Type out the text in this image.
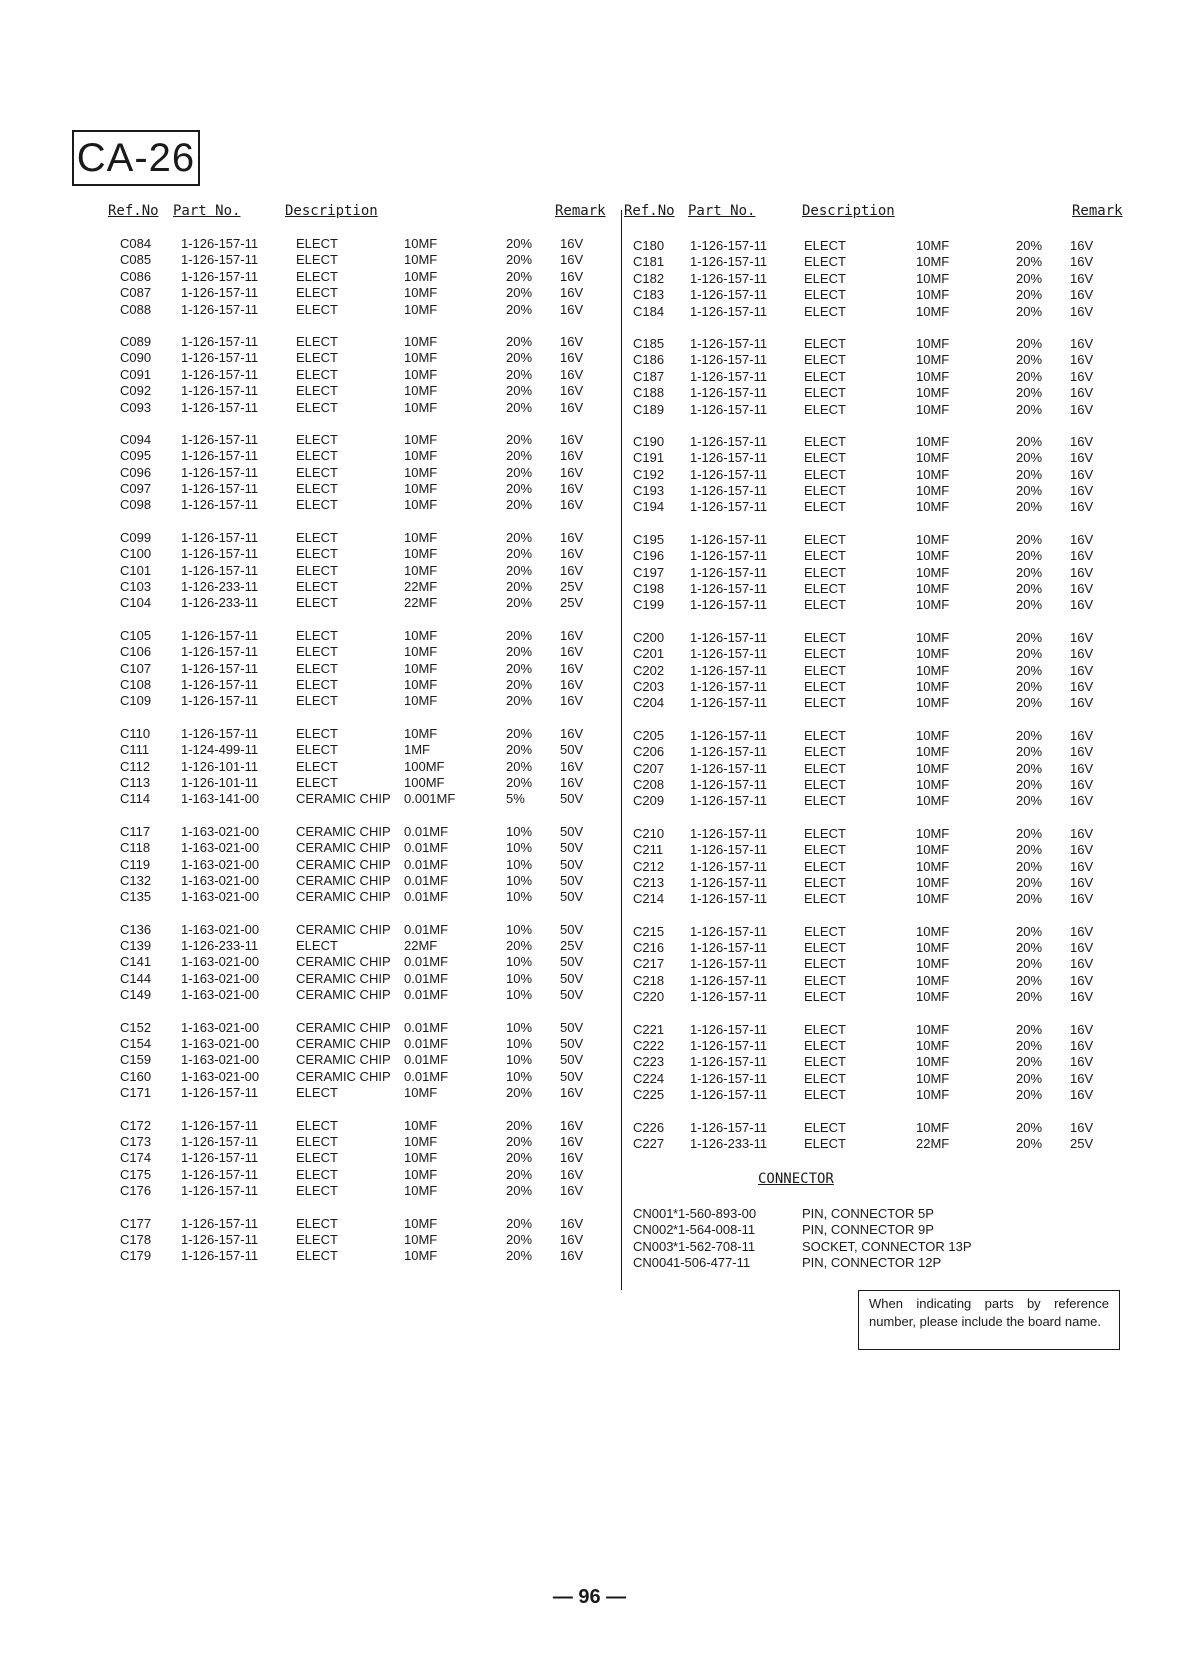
CA-26
Ref.No Part No.	Description	Remark Ref.No Part No.	Description	Remark
C084 1-126-157-11	ELECT	10MF	20% 16V
C085 1-126-157-11	ELECT	10MF	20% 16V
C086 1-126-157-11	ELECT	10MF	20% 16V
C087 1-126-157-11	ELECT	10MF	20% 16V
C088 1-126-157-11	ELECT	10MF	20% 16V
C089 1-126-157-11	ELECT	10MF	20% 16V
C090 1-126-157-11	ELECT	10MF	20% 16V
C091 1-126-157-11	ELECT	10MF	20% 16V
C092 1-126-157-11	ELECT	10MF	20% 16V
C093 1-126-157-11	ELECT	10MF	20% 16V
C094 1-126-157-11	ELECT	10MF	20% 16V
C095 1-126-157-11	ELECT	10MF	20% 16V
C096 1-126-157-11	ELECT	10MF	20% 16V
C097 1-126-157-11	ELECT	10MF	20% 16V
C098 1-126-157-11	ELECT	10MF	20% 16V
C099 1-126-157-11	ELECT	10MF	20% 16V
C100 1-126-157-11	ELECT	10MF	20% 16V
C101 1-126-157-11	ELECT	10MF	20% 16V
C103 1-126-233-11	ELECT	22MF	20% 25V
C104 1-126-233-11	ELECT	22MF	20% 25V
C105 1-126-157-11	ELECT	10MF	20% 16V
C106 1-126-157-11	ELECT	10MF	20% 16V
C107 1-126-157-11	ELECT	10MF	20% 16V
C108 1-126-157-11	ELECT	10MF	20% 16V
C109 1-126-157-11	ELECT	10MF	20% 16V
C110 1-126-157-11	ELECT	10MF	20% 16V
C111 1-124-499-11	ELECT	1MF	20% 50V
C112 1-126-101-11	ELECT	100MF	20% 16V
C113 1-126-101-11	ELECT	100MF	20% 16V
C114 1-163-141-00	CERAMIC CHIP 0.001MF	5%	50V
C117 1-163-021-00	CERAMIC CHIP 0.01MF	10% 50V
C118 1-163-021-00	CERAMIC CHIP 0.01MF	10% 50V
C119 1-163-021-00	CERAMIC CHIP 0.01MF	10% 50V
C132 1-163-021-00	CERAMIC CHIP 0.01MF	10% 50V
C135 1-163-021-00	CERAMIC CHIP 0.01MF	10% 50V
C136 1-163-021-00	CERAMIC CHIP 0.01MF	10% 50V
C139 1-126-233-11	ELECT	22MF	20% 25V
C141 1-163-021-00	CERAMIC CHIP 0.01MF	10% 50V
C144 1-163-021-00	CERAMIC CHIP 0.01MF	10% 50V
C149 1-163-021-00	CERAMIC CHIP 0.01MF	10% 50V
C152 1-163-021-00	CERAMIC CHIP 0.01MF	10% 50V
C154 1-163-021-00	CERAMIC CHIP 0.01MF	10% 50V
C159 1-163-021-00	CERAMIC CHIP 0.01MF	10% 50V
C160 1-163-021-00	CERAMIC CHIP 0.01MF	10% 50V
C171 1-126-157-11	ELECT	10MF	20% 16V
C172 1-126-157-11	ELECT	10MF	20% 16V
C173 1-126-157-11	ELECT	10MF	20% 16V
C174 1-126-157-11	ELECT	10MF	20% 16V
C175 1-126-157-11	ELECT	10MF	20% 16V
C176 1-126-157-11	ELECT	10MF	20% 16V
C177 1-126-157-11	ELECT	10MF	20% 16V
C178 1-126-157-11	ELECT	10MF	20% 16V
C179 1-126-157-11	ELECT	10MF	20% 16V
C180 1-126-157-11	ELECT	10MF	20% 16V
C181 1-126-157-11	ELECT	10MF	20% 16V
C182 1-126-157-11	ELECT	10MF	20% 16V
C183 1-126-157-11	ELECT	10MF	20% 16V
C184 1-126-157-11	ELECT	10MF	20% 16V
C185 1-126-157-11	ELECT	10MF	20% 16V
C186 1-126-157-11	ELECT	10MF	20% 16V
C187 1-126-157-11	ELECT	10MF	20% 16V
C188 1-126-157-11	ELECT	10MF	20% 16V
C189 1-126-157-11	ELECT	10MF	20% 16V
C190 1-126-157-11	ELECT	10MF	20% 16V
C191 1-126-157-11	ELECT	10MF	20% 16V
C192 1-126-157-11	ELECT	10MF	20% 16V
C193 1-126-157-11	ELECT	10MF	20% 16V
C194 1-126-157-11	ELECT	10MF	20% 16V
C195 1-126-157-11	ELECT	10MF	20% 16V
C196 1-126-157-11	ELECT	10MF	20% 16V
C197 1-126-157-11	ELECT	10MF	20% 16V
C198 1-126-157-11	ELECT	10MF	20% 16V
C199 1-126-157-11	ELECT	10MF	20% 16V
C200 1-126-157-11	ELECT	10MF	20% 16V
C201 1-126-157-11	ELECT	10MF	20% 16V
C202 1-126-157-11	ELECT	10MF	20% 16V
C203 1-126-157-11	ELECT	10MF	20% 16V
C204 1-126-157-11	ELECT	10MF	20% 16V
C205 1-126-157-11	ELECT	10MF	20% 16V
C206 1-126-157-11	ELECT	10MF	20% 16V
C207 1-126-157-11	ELECT	10MF	20% 16V
C208 1-126-157-11	ELECT	10MF	20% 16V
C209 1-126-157-11	ELECT	10MF	20% 16V
C210 1-126-157-11	ELECT	10MF	20% 16V
C211 1-126-157-11	ELECT	10MF	20% 16V
C212 1-126-157-11	ELECT	10MF	20% 16V
C213 1-126-157-11	ELECT	10MF	20% 16V
C214 1-126-157-11	ELECT	10MF	20% 16V
C215 1-126-157-11	ELECT	10MF	20% 16V
C216 1-126-157-11	ELECT	10MF	20% 16V
C217 1-126-157-11	ELECT	10MF	20% 16V
C218 1-126-157-11	ELECT	10MF	20% 16V
C220 1-126-157-11	ELECT	10MF	20% 16V
C221 1-126-157-11	ELECT	10MF	20% 16V
C222 1-126-157-11	ELECT	10MF	20% 16V
C223 1-126-157-11	ELECT	10MF	20% 16V
C224 1-126-157-11	ELECT	10MF	20% 16V
C225 1-126-157-11	ELECT	10MF	20% 16V
C226 1-126-157-11	ELECT	10MF	20% 16V
C227 1-126-233-11	ELECT	22MF	20% 25V
CONNECTOR
CN001 *1-560-893-00	PIN, CONNECTOR 5P
CN002 *1-564-008-11	PIN, CONNECTOR 9P
CN003 *1-562-708-11	SOCKET, CONNECTOR 13P
CN004 1-506-477-11	PIN, CONNECTOR 12P
When indicating parts by reference number, please include the board name.
— 96 —
